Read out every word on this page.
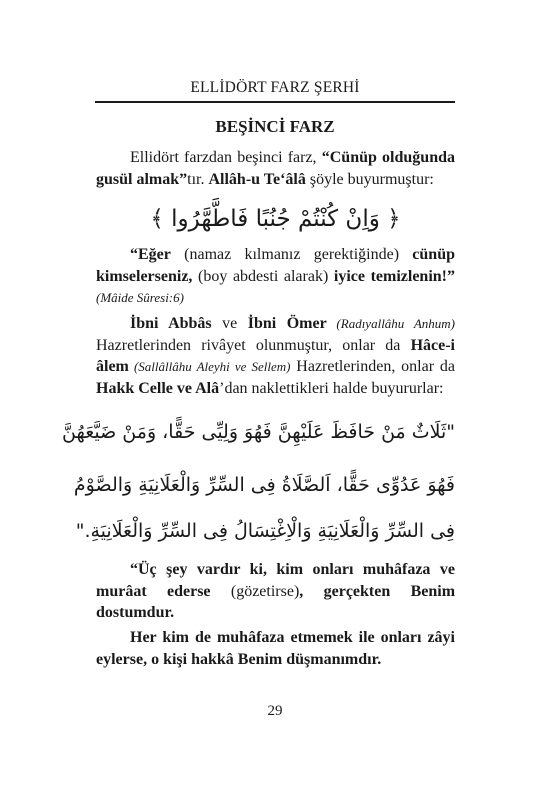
ELLİDÖRT FARZ ŞERHİ
BEŞİNCİ FARZ
Ellidört farzdan beşinci farz, “Cünüp olduğunda gusül almak”tır. Allâh-u Te‘âlâ şöyle buyurmuştur:
﴿ وَاِنْ كُنْتُمْ جُنُبًا فَاطَّهَّرُوا ﴾
“Eğer (namaz kılmanız gerektiğinde) cünüp kimselerseniz, (boy abdesti alarak) iyice temizlenin!” (Mâide Sûresi:6)
İbni Abbâs ve İbni Ömer (Radıyallâhu Anhum) Hazretlerinden rivâyet olunmuştur, onlar da Hâce-i âlem (Sallâllâhu Aleyhi ve Sellem) Hazretlerinden, onlar da Hakk Celle ve Alâ’dan naklettikleri halde buyururlar:
"ثَلَاثٌ مَنْ حَافَظَ عَلَيْهِنَّ فَهُوَ وَلِيِّى حَقًّا، وَمَنْ ضَيَّعَهُنَّ
فَهُوَ عَدُوِّى حَقًّا، اَلصَّلَاةُ فِى السِّرِّ وَالْعَلَانِيَةِ وَالصَّوْمُ
فِى السِّرِّ وَالْعَلَانِيَةِ وَالْاِغْتِسَالُ فِى السِّرِّ وَالْعَلَانِيَةِ."
“Üç şey vardır ki, kim onları muhâfaza ve murâat ederse (gözetirse), gerçekten Benim dostumdur.
Her kim de muhâfaza etmemek ile onları zâyi eylerse, o kişi hakkâ Benim düşmanımdır.
29
